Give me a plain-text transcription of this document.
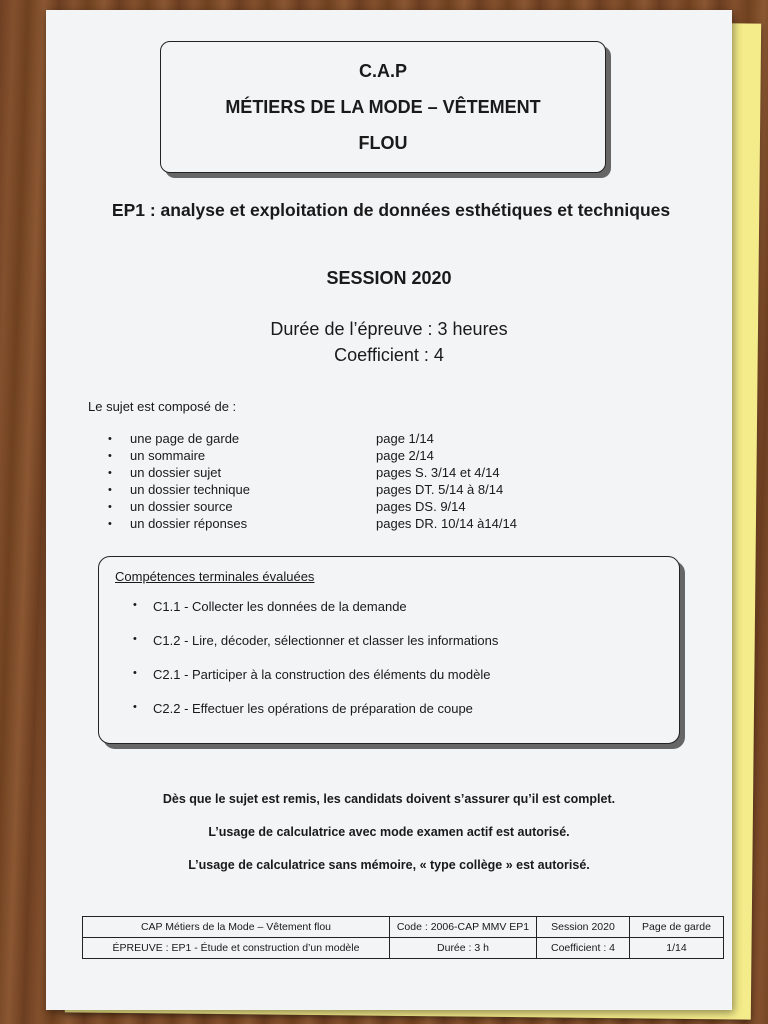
C.A.P
MÉTIERS DE LA MODE – VÊTEMENT
FLOU
EP1 : analyse et exploitation de données esthétiques et techniques
SESSION 2020
Durée de l’épreuve : 3 heures
Coefficient : 4
Le sujet est composé de :
•	une page de garde	page 1/14
•	un sommaire	page 2/14
•	un dossier sujet	pages S. 3/14 et 4/14
•	un dossier technique	pages DT. 5/14 à 8/14
•	un dossier source	pages DS. 9/14
•	un dossier réponses	pages DR. 10/14 à14/14
Compétences terminales évaluées
•	C1.1 - Collecter les données de la demande
•	C1.2 - Lire, décoder, sélectionner et classer les informations
•	C2.1 - Participer à la construction des éléments du modèle
•	C2.2 - Effectuer les opérations de préparation de coupe
Dès que le sujet est remis, les candidats doivent s’assurer qu’il est complet.
L’usage de calculatrice avec mode examen actif est autorisé.
L’usage de calculatrice sans mémoire, « type collège » est autorisé.
CAP Métiers de la Mode – Vêtement flou	Code : 2006-CAP MMV EP1	Session 2020	Page de garde
ÉPREUVE : EP1 - Étude et construction d’un modèle	Durée : 3 h	Coefficient : 4	1/14
